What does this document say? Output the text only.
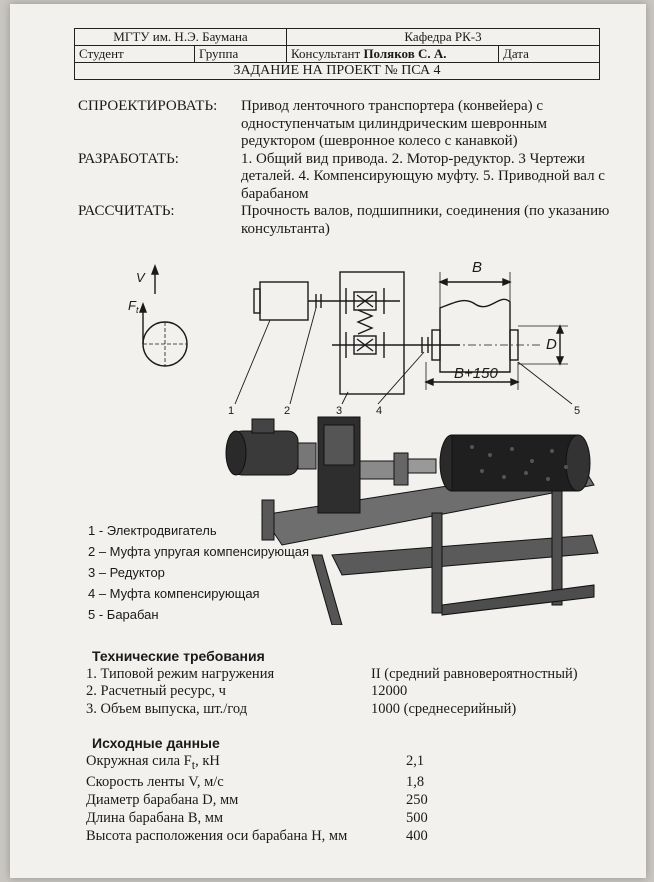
МГТУ им. Н.Э. Баумана	Кафедра РК-3
Студент	Группа	Консультант Поляков С. А.	Дата
ЗАДАНИЕ НА ПРОЕКТ № ПСА 4
СПРОЕКТИРОВАТЬ:	Привод ленточного транспортера (конвейера) с одноступенчатым цилиндрическим шевронным редуктором (шевронное колесо с канавкой)
РАЗРАБОТАТЬ:	1. Общий вид привода. 2. Мотор-редуктор. 3 Чертежи деталей. 4. Компенсирующую муфту. 5. Приводной вал с барабаном
РАССЧИТАТЬ:	Прочность валов, подшипники, соединения (по указанию консультанта)
V
$F_t$
B
B+150
D
1	2	3	4	5
1 - Электродвигатель
2 – Муфта упругая компенсирующая
3 – Редуктор
4 – Муфта компенсирующая
5 - Барабан
Технические требования
1. Типовой режим нагружения	II (средний равновероятностный)
2. Расчетный ресурс, ч	12000
3. Объем выпуска, шт./год	1000 (среднесерийный)
Исходные данные
Окружная сила $F_t$, кН	2,1
Скорость ленты V, м/с	1,8
Диаметр барабана D, мм	250
Длина барабана B, мм	500
Высота расположения оси барабана H, мм	400
